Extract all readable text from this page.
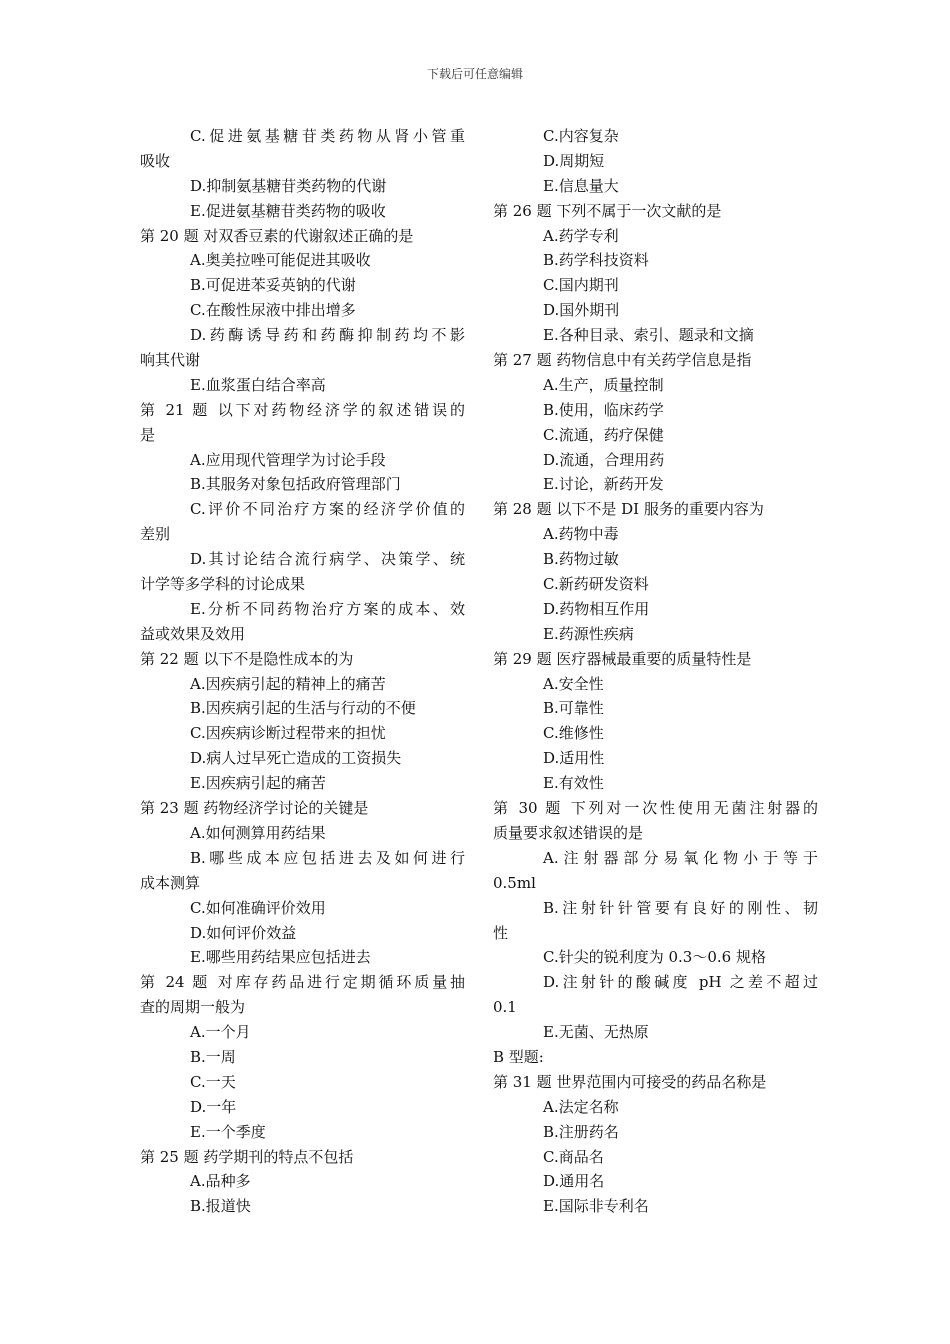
下载后可任意编辑
C.促进氨基糖苷类药物从肾小管重
吸收
D.抑制氨基糖苷类药物的代谢
E.促进氨基糖苷类药物的吸收
第 20 题 对双香豆素的代谢叙述正确的是
A.奥美拉唑可能促进其吸收
B.可促进苯妥英钠的代谢
C.在酸性尿液中排出增多
D.药酶诱导药和药酶抑制药均不影
响其代谢
E.血浆蛋白结合率高
第 21 题 以下对药物经济学的叙述错误的
是
A.应用现代管理学为讨论手段
B.其服务对象包括政府管理部门
C.评价不同治疗方案的经济学价值的
差别
D.其讨论结合流行病学、决策学、统
计学等多学科的讨论成果
E.分析不同药物治疗方案的成本、效
益或效果及效用
第 22 题 以下不是隐性成本的为
A.因疾病引起的精神上的痛苦
B.因疾病引起的生活与行动的不便
C.因疾病诊断过程带来的担忧
D.病人过早死亡造成的工资损失
E.因疾病引起的痛苦
第 23 题 药物经济学讨论的关键是
A.如何测算用药结果
B.哪些成本应包括进去及如何进行
成本测算
C.如何准确评价效用
D.如何评价效益
E.哪些用药结果应包括进去
第 24 题 对库存药品进行定期循环质量抽
查的周期一般为
A.一个月
B.一周
C.一天
D.一年
E.一个季度
第 25 题 药学期刊的特点不包括
A.品种多
B.报道快
C.内容复杂
D.周期短
E.信息量大
第 26 题 下列不属于一次文献的是
A.药学专利
B.药学科技资料
C.国内期刊
D.国外期刊
E.各种目录、索引、题录和文摘
第 27 题 药物信息中有关药学信息是指
A.生产，质量控制
B.使用，临床药学
C.流通，药疗保健
D.流通，合理用药
E.讨论，新药开发
第 28 题 以下不是 DI 服务的重要内容为
A.药物中毒
B.药物过敏
C.新药研发资料
D.药物相互作用
E.药源性疾病
第 29 题 医疗器械最重要的质量特性是
A.安全性
B.可靠性
C.维修性
D.适用性
E.有效性
第 30 题 下列对一次性使用无菌注射器的
质量要求叙述错误的是
A.注射器部分易氧化物小于等于
0.5ml
B.注射针针管要有良好的刚性、韧
性
C.针尖的锐利度为 0.3～0.6 规格
D.注射针的酸碱度 pH 之差不超过
0.1
E.无菌、无热原
B 型题:
第 31 题 世界范围内可接受的药品名称是
A.法定名称
B.注册药名
C.商品名
D.通用名
E.国际非专利名
